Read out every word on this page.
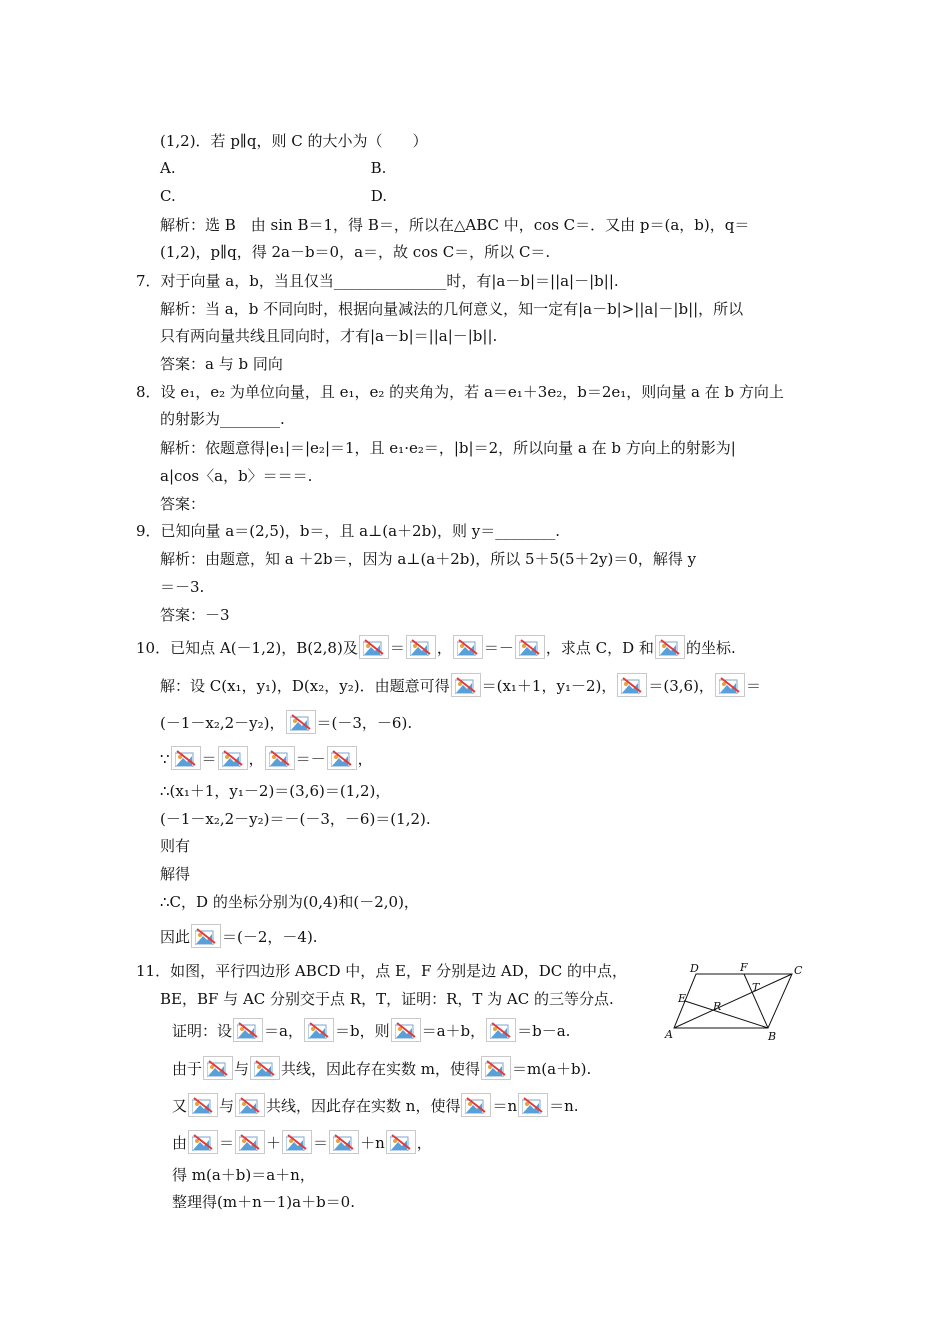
(1,2)．若 p∥q，则 C 的大小为（　　）
A.　　　　　　　　　　　　　B.
C.　　　　　　　　　　　　　D.
解析：选 B　由 sin B＝1，得 B＝，所以在△ABC 中，cos C＝．又由 p＝(a，b)，q＝
(1,2)，p∥q，得 2a－b＝0，a＝，故 cos C＝，所以 C＝.
7．对于向量 a，b，当且仅当_______________时，有|a－b|＝||a|－|b||.
解析：当 a，b 不同向时，根据向量减法的几何意义，知一定有|a－b|>||a|－|b||，所以
只有两向量共线且同向时，才有|a－b|＝||a|－|b||.
答案：a 与 b 同向
8．设 e₁，e₂ 为单位向量，且 e₁，e₂ 的夹角为，若 a＝e₁＋3e₂，b＝2e₁，则向量 a 在 b 方向上
的射影为________.
解析：依题意得|e₁|＝|e₂|＝1，且 e₁·e₂＝，|b|＝2，所以向量 a 在 b 方向上的射影为|
a|cos〈a，b〉＝＝＝.
答案：
9．已知向量 a＝(2,5)，b＝，且 a⊥(a＋2b)，则 y＝________.
解析：由题意，知 a ＋2b＝，因为 a⊥(a＋2b)，所以 5＋5(5＋2y)＝0，解得 y
＝－3.
答案：－3
10．已知点 A(－1,2)，B(2,8)及 ＝ ， ＝－ ，求点 C，D 和 的坐标.
解：设 C(x₁，y₁)，D(x₂，y₂)．由题意可得 ＝(x₁＋1，y₁－2)， ＝(3,6)， ＝
(－1－x₂,2－y₂)， ＝(－3，－6).
∵ ＝ ， ＝－ ，
∴(x₁＋1，y₁－2)＝(3,6)＝(1,2)，
(－1－x₂,2－y₂)＝－(－3，－6)＝(1,2).
则有
解得
∴C，D 的坐标分别为(0,4)和(－2,0)，
因此 ＝(－2，－4).
11．如图，平行四边形 ABCD 中，点 E，F 分别是边 AD，DC 的中点，
BE，BF 与 AC 分别交于点 R，T，证明：R，T 为 AC 的三等分点.
证明：设 ＝a， ＝b，则 ＝a＋b， ＝b－a.
由于 与 共线，因此存在实数 m，使得 ＝m(a＋b).
又 与 共线，因此存在实数 n，使得 ＝n ＝n.
由 ＝ ＋ ＝ ＋n ，
得 m(a＋b)＝a＋n，
整理得(m＋n－1)a＋b＝0.
D	F	C
T
E
R
A	B
